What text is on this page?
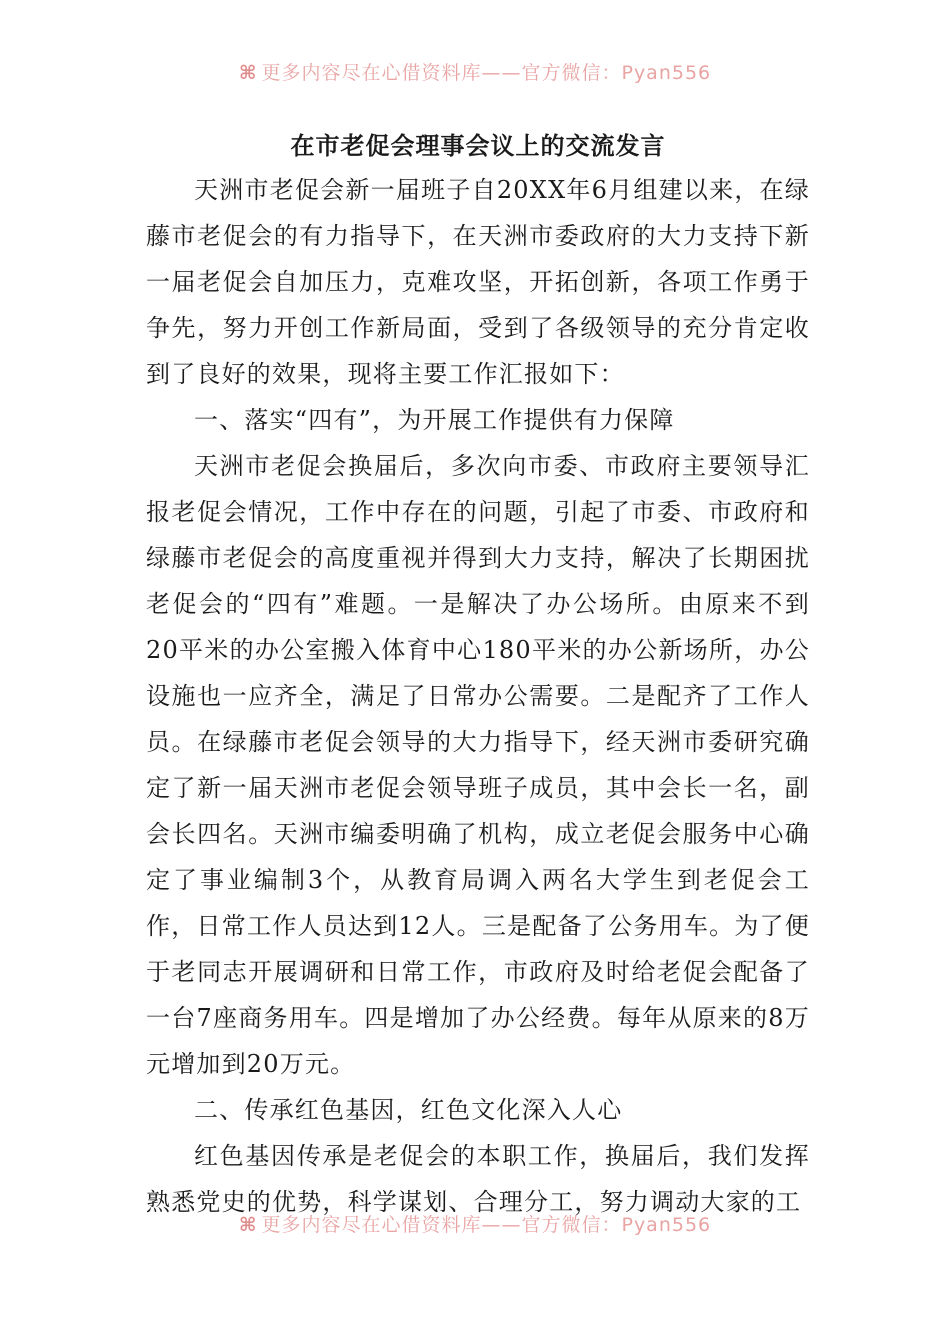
⌘ 更多内容尽在心借资料库——官方微信：Pyan556
在市老促会理事会议上的交流发言

天洲市老促会新一届班子自20XX年6月组建以来，在绿藤市老促会的有力指导下，在天洲市委政府的大力支持下新一届老促会自加压力，克难攻坚，开拓创新，各项工作勇于争先，努力开创工作新局面，受到了各级领导的充分肯定收到了良好的效果，现将主要工作汇报如下：

一、落实“四有”，为开展工作提供有力保障

天洲市老促会换届后，多次向市委、市政府主要领导汇报老促会情况，工作中存在的问题，引起了市委、市政府和绿藤市老促会的高度重视并得到大力支持，解决了长期困扰老促会的“四有”难题。一是解决了办公场所。由原来不到20平米的办公室搬入体育中心180平米的办公新场所，办公设施也一应齐全，满足了日常办公需要。二是配齐了工作人员。在绿藤市老促会领导的大力指导下，经天洲市委研究确定了新一届天洲市老促会领导班子成员，其中会长一名，副会长四名。天洲市编委明确了机构，成立老促会服务中心确定了事业编制3个，从教育局调入两名大学生到老促会工作，日常工作人员达到12人。三是配备了公务用车。为了便于老同志开展调研和日常工作，市政府及时给老促会配备了一台7座商务用车。四是增加了办公经费。每年从原来的8万元增加到20万元。

二、传承红色基因，红色文化深入人心

红色基因传承是老促会的本职工作，换届后，我们发挥熟悉党史的优势，科学谋划、合理分工，努力调动大家的工

⌘ 更多内容尽在心借资料库——官方微信：Pyan556
